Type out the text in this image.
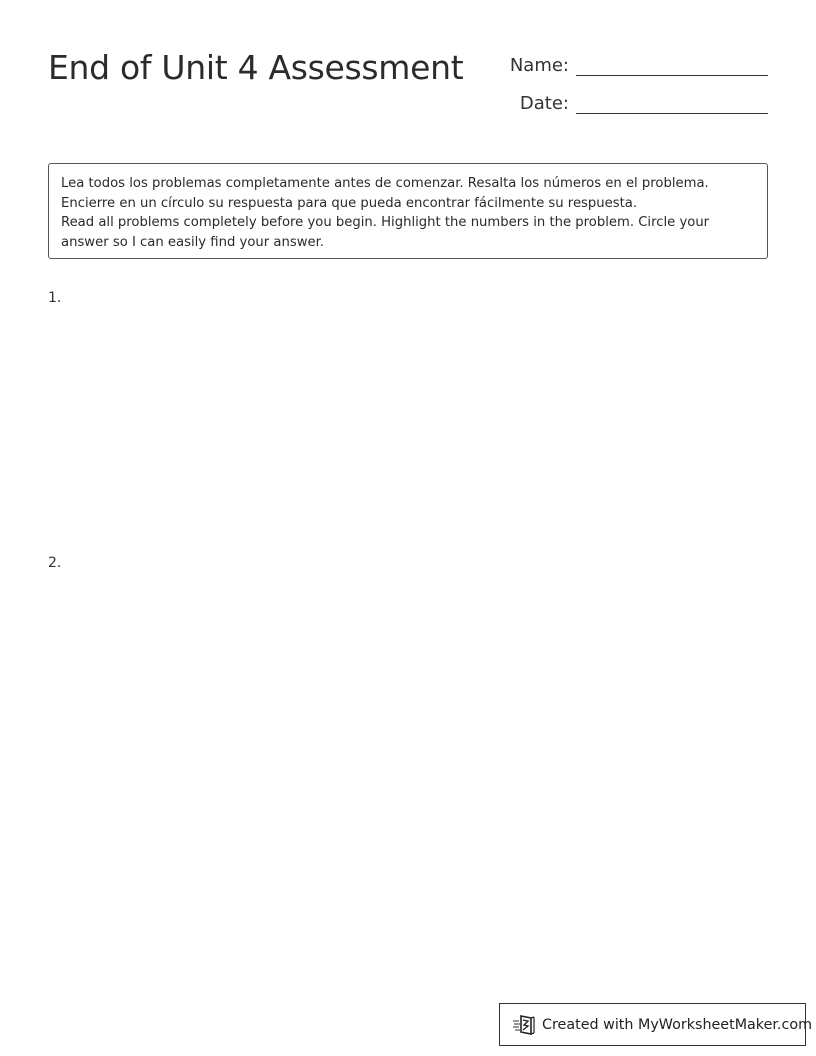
End of Unit 4 Assessment	Name:
Date:

Lea todos los problemas completamente antes de comenzar. Resalta los números en el problema.

Encierre en un círculo su respuesta para que pueda encontrar fácilmente su respuesta.

Read all problems completely before you begin. Highlight the numbers in the problem. Circle your

answer so I can easily find your answer.

1.
2.
Created with MyWorksheetMaker.com
